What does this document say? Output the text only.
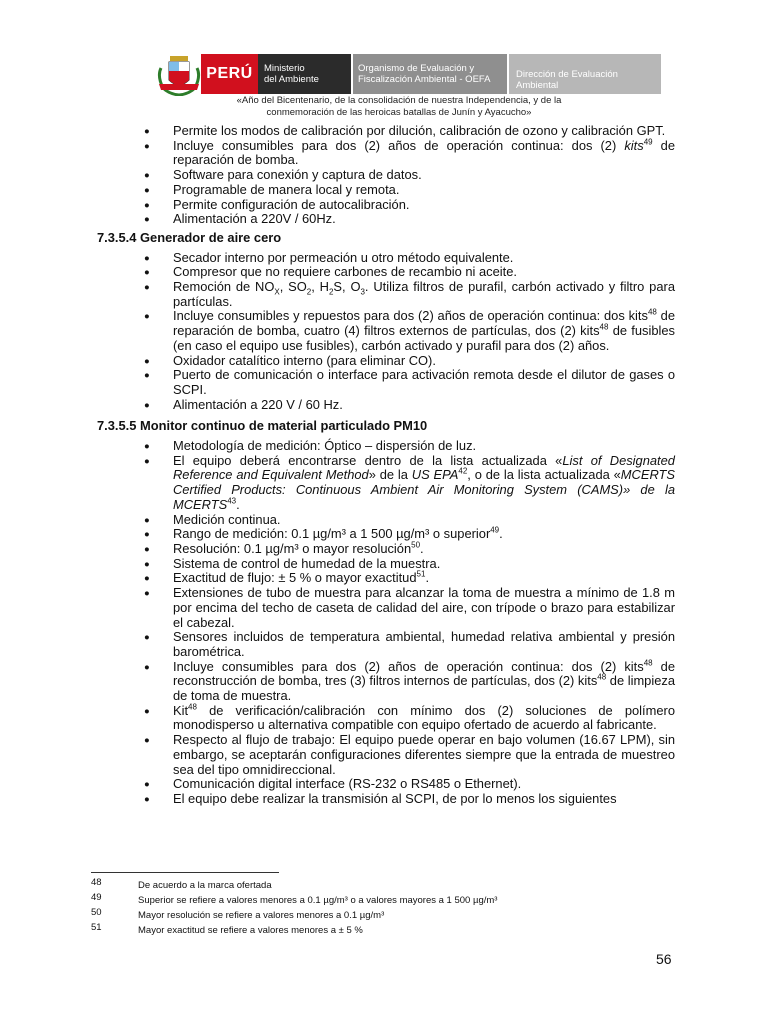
PERÚ Ministerio
del Ambiente
Organismo de Evaluación y
Fiscalización Ambiental - OEFA	Dirección de Evaluación Ambiental
«Año del Bicentenario, de la consolidación de nuestra Independencia, y de la
conmemoración de las heroicas batallas de Junín y Ayacucho»
● Permite los modos de calibración por dilución, calibración de ozono y calibración GPT.
● Incluye consumibles para dos (2) años de operación continua: dos (2) kits$^{49}$ de reparación de bomba.
● Software para conexión y captura de datos.
● Programable de manera local y remota.
● Permite configuración de autocalibración.
● Alimentación a 220V / 60Hz.
7.3.5.4 Generador de aire cero
● Secador interno por permeación u otro método equivalente.
● Compresor que no requiere carbones de recambio ni aceite.
● Remoción de $NO_X$, $SO_2$, $H_2S$, $O_3$. Utiliza filtros de purafil, carbón activado y filtro para partículas.
● Incluye consumibles y repuestos para dos (2) años de operación continua: dos kits$^{48}$ de reparación de bomba, cuatro (4) filtros externos de partículas, dos (2) kits$^{48}$ de fusibles (en caso el equipo use fusibles), carbón activado y purafil para dos (2) años.
● Oxidador catalítico interno (para eliminar CO).
● Puerto de comunicación o interface para activación remota desde el dilutor de gases o SCPI.
● Alimentación a 220 V / 60 Hz.
7.3.5.5 Monitor continuo de material particulado PM10
● Metodología de medición: Óptico – dispersión de luz.
● El equipo deberá encontrarse dentro de la lista actualizada «List of Designated Reference and Equivalent Method» de la US EPA$^{42}$, o de la lista actualizada «MCERTS Certified Products: Continuous Ambient Air Monitoring System (CAMS)» de la MCERTS$^{43}$.
● Medición continua.
● Rango de medición: 0.1 µg/m³ a 1 500 µg/m³ o superior$^{49}$.
● Resolución: 0.1 µg/m³ o mayor resolución$^{50}$.
● Sistema de control de humedad de la muestra.
● Exactitud de flujo: ± 5 % o mayor exactitud$^{51}$.
● Extensiones de tubo de muestra para alcanzar la toma de muestra a mínimo de 1.8 m por encima del techo de caseta de calidad del aire, con trípode o brazo para estabilizar el cabezal.
● Sensores incluidos de temperatura ambiental, humedad relativa ambiental y presión barométrica.
● Incluye consumibles para dos (2) años de operación continua: dos (2) kits$^{48}$ de reconstrucción de bomba, tres (3) filtros internos de partículas, dos (2) kits$^{48}$ de limpieza de toma de muestra.
● Kit$^{48}$ de verificación/calibración con mínimo dos (2) soluciones de polímero monodisperso u alternativa compatible con equipo ofertado de acuerdo al fabricante.
● Respecto al flujo de trabajo: El equipo puede operar en bajo volumen (16.67 LPM), sin embargo, se aceptarán configuraciones diferentes siempre que la entrada de muestreo sea del tipo omnidireccional.
● Comunicación digital interface (RS-232 o RS485 o Ethernet).
● El equipo debe realizar la transmisión al SCPI, de por lo menos los siguientes
48	De acuerdo a la marca ofertada
49	Superior se refiere a valores menores a 0.1 µg/m³ o a valores mayores a 1 500 µg/m³
50	Mayor resolución se refiere a valores menores a 0.1 µg/m³
51	Mayor exactitud se refiere a valores menores a ± 5 %
56
